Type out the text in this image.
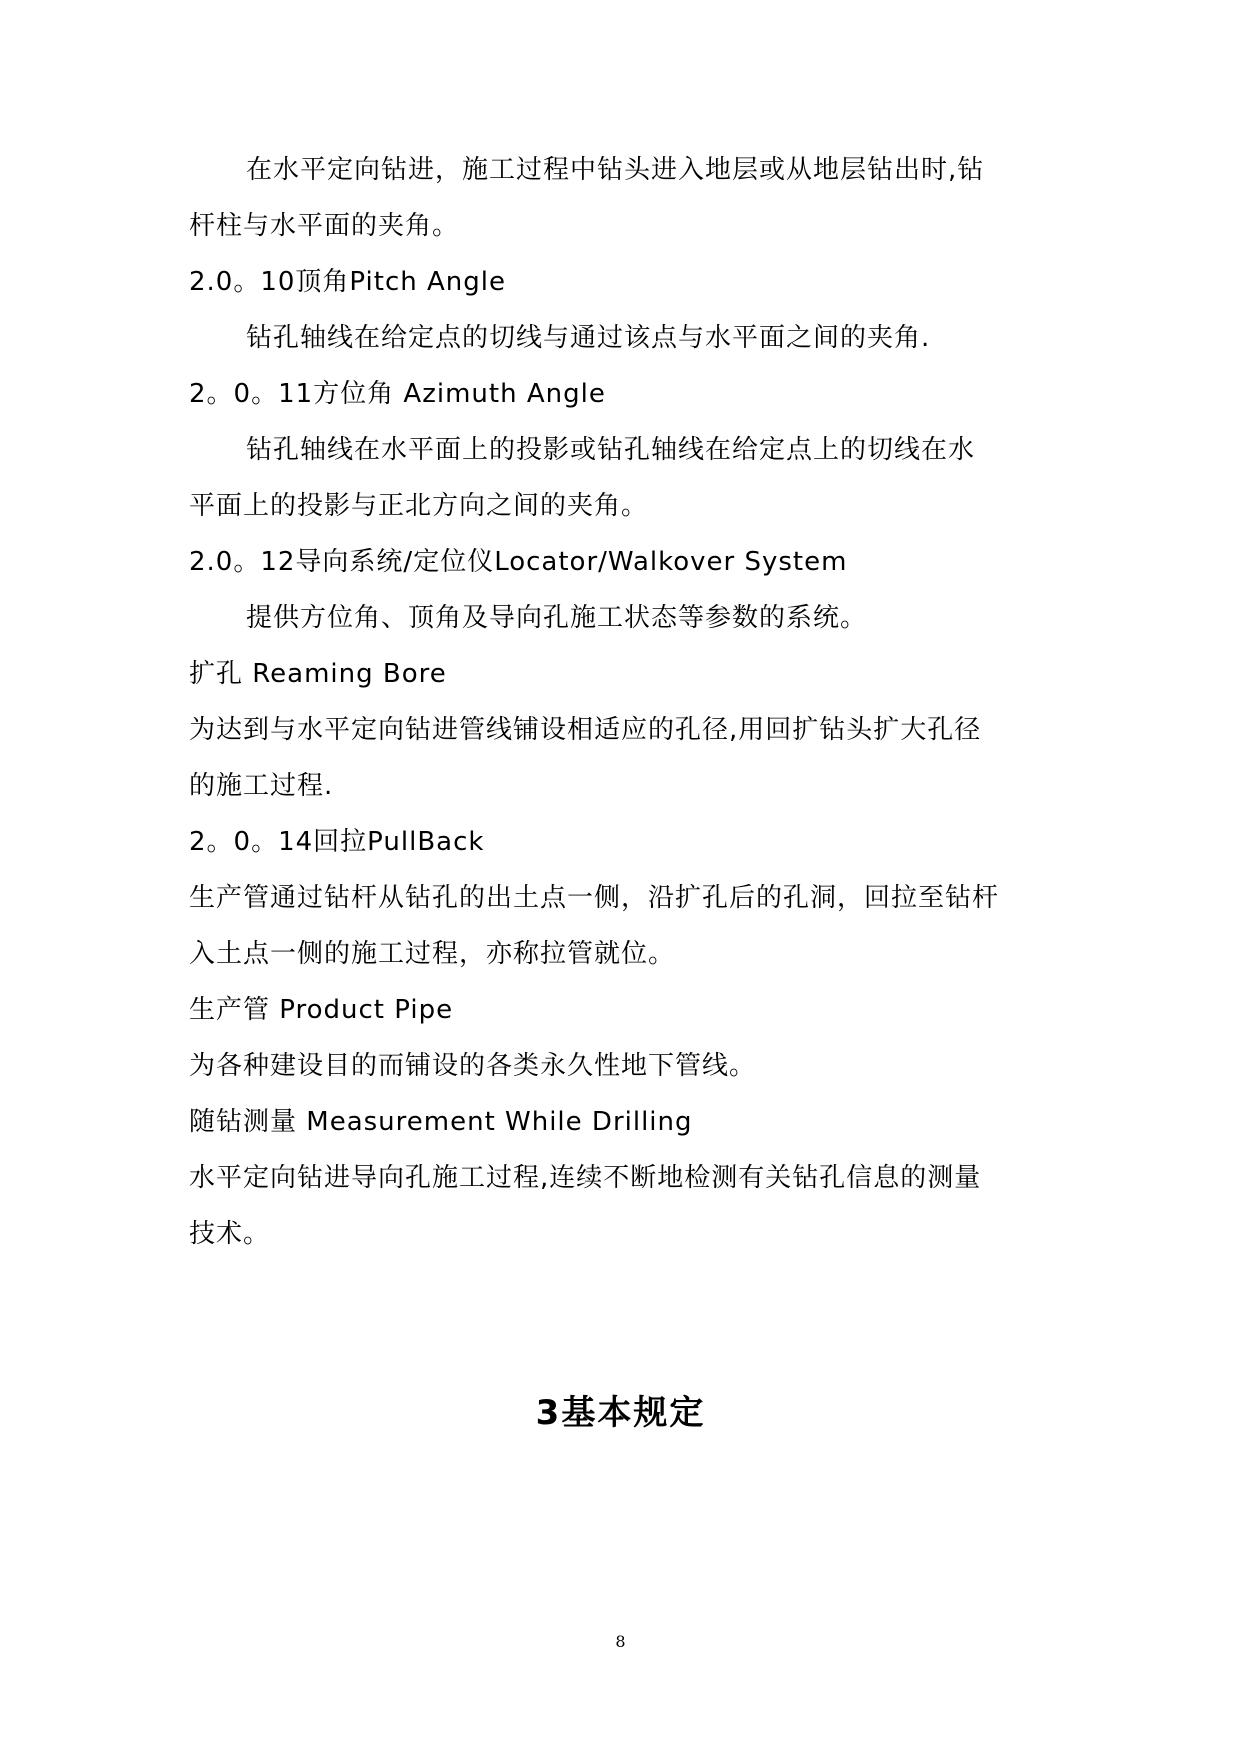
在水平定向钻进，施工过程中钻头进入地层或从地层钻出时,钻
杆柱与水平面的夹角。
2.0。10顶角Pitch Angle
钻孔轴线在给定点的切线与通过该点与水平面之间的夹角.
2。0。11方位角 Azimuth Angle
钻孔轴线在水平面上的投影或钻孔轴线在给定点上的切线在水
平面上的投影与正北方向之间的夹角。
2.0。12导向系统/定位仪Locator/Walkover System
提供方位角、顶角及导向孔施工状态等参数的系统。
扩孔 Reaming Bore
为达到与水平定向钻进管线铺设相适应的孔径,用回扩钻头扩大孔径
的施工过程.
2。0。14回拉PullBack
生产管通过钻杆从钻孔的出土点一侧，沿扩孔后的孔洞，回拉至钻杆
入土点一侧的施工过程，亦称拉管就位。
生产管 Product Pipe
为各种建设目的而铺设的各类永久性地下管线。
随钻测量 Measurement While Drilling
水平定向钻进导向孔施工过程,连续不断地检测有关钻孔信息的测量
技术。
3基本规定
8
